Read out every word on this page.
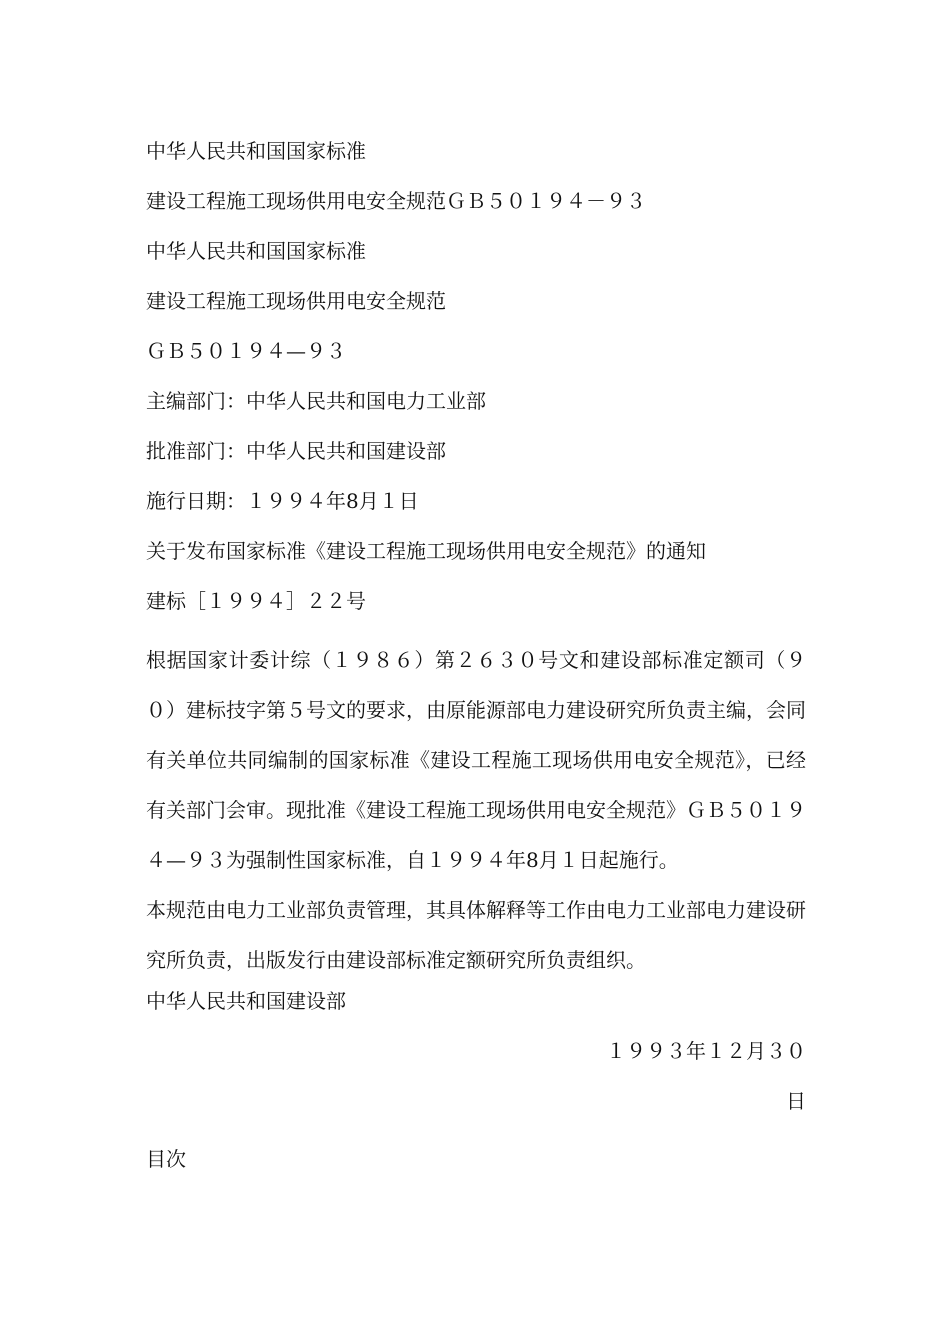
中华人民共和国国家标准
建设工程施工现场供用电安全规范ＧＢ５０１９４－９３
中华人民共和国国家标准
建设工程施工现场供用电安全规范
ＧＢ５０１９４—９３
主编部门：中华人民共和国电力工业部
批准部门：中华人民共和国建设部
施行日期：１９９４年8月１日
关于发布国家标准《建设工程施工现场供用电安全规范》的通知
建标［１９９４］２２号

根据国家计委计综（１９８６）第２６３０号文和建设部标准定额司（９０）建标技字第５号文的要求，由原能源部电力建设研究所负责主编，会同有关单位共同编制的国家标准《建设工程施工现场供用电安全规范》，已经有关部门会审。现批准《建设工程施工现场供用电安全规范》ＧＢ５０１９４—９３为强制性国家标准，自１９９４年8月１日起施行。

本规范由电力工业部负责管理，其具体解释等工作由电力工业部电力建设研究所负责，出版发行由建设部标准定额研究所负责组织。

中华人民共和国建设部
１９９３年１２月３０
日
目次
